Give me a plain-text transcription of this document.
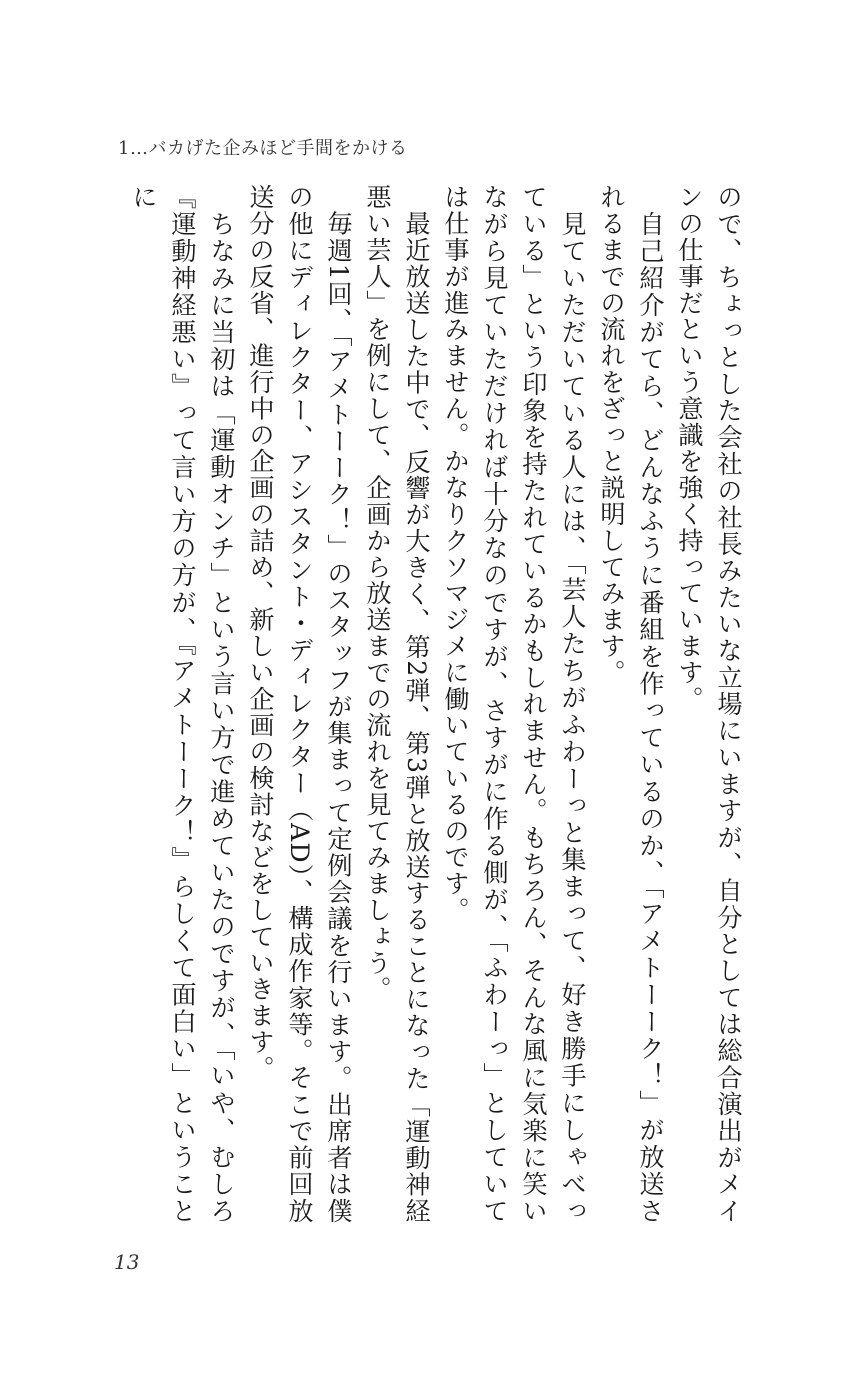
1…バカげた企みほど手間をかける

ので、ちょっとした会社の社長みたいな立場にいますが、自分としては総合演出がメインの仕事だという意識を強く持っています。

　自己紹介がてら、どんなふうに番組を作っているのか、「アメトーーク！」が放送されるまでの流れをざっと説明してみます。

　見ていただいている人には、「芸人たちがふわーっと集まって、好き勝手にしゃべっている」という印象を持たれているかもしれません。もちろん、そんな風に気楽に笑いながら見ていただければ十分なのですが、さすがに作る側が、「ふわーっ」としていては仕事が進みません。かなりクソマジメに働いているのです。

　最近放送した中で、反響が大きく、第2弾、第3弾と放送することになった「運動神経悪い芸人」を例にして、企画から放送までの流れを見てみましょう。

　毎週1回、「アメトーーク！」のスタッフが集まって定例会議を行います。出席者は僕の他にディレクター、アシスタント・ディレクター（AD）、構成作家等。そこで前回放送分の反省、進行中の企画の詰め、新しい企画の検討などをしていきます。

　ちなみに当初は「運動オンチ」という言い方で進めていたのですが、「いや、むしろ『運動神経悪い』って言い方の方が、『アメトーーク！』らしくて面白い」ということに

13
